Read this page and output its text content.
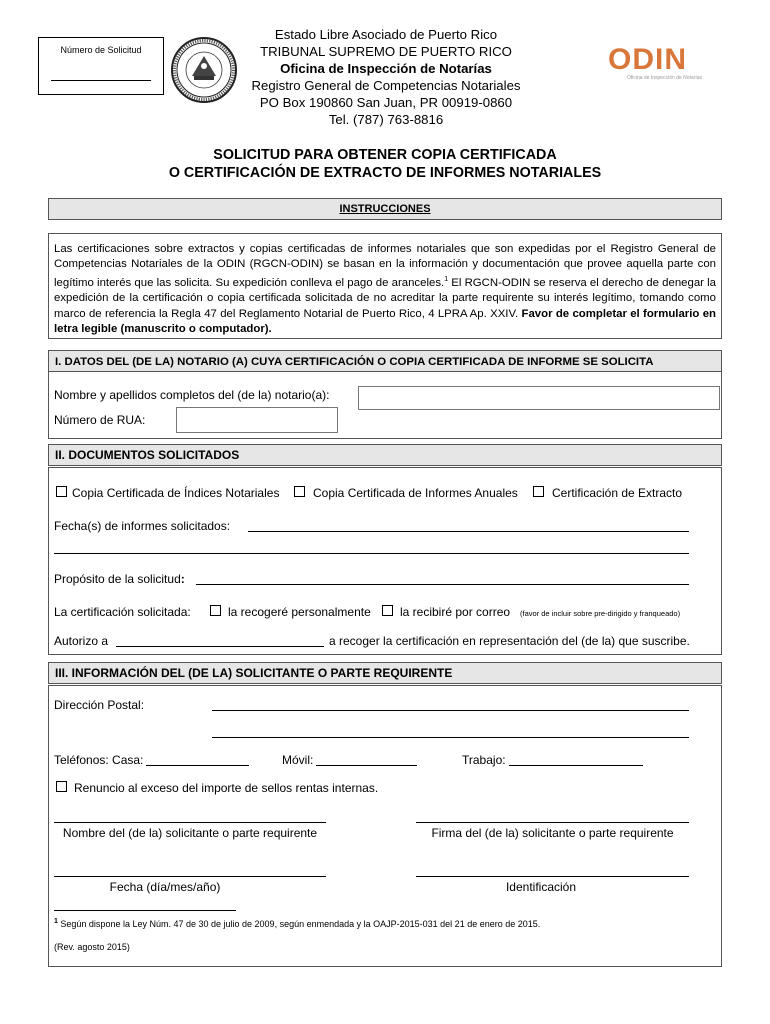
Número de Solicitud
Estado Libre Asociado de Puerto Rico
TRIBUNAL SUPREMO DE PUERTO RICO
Oficina de Inspección de Notarías
Registro General de Competencias Notariales
PO Box 190860 San Juan, PR 00919-0860
Tel. (787) 763-8816
ODIN
Oficina de Inspección de Notarías
SOLICITUD PARA OBTENER COPIA CERTIFICADA
O CERTIFICACIÓN DE EXTRACTO DE INFORMES NOTARIALES
INSTRUCCIONES
Las certificaciones sobre extractos y copias certificadas de informes notariales que son expedidas por el Registro General de Competencias Notariales de la ODIN (RGCN-ODIN) se basan en la información y documentación que provee aquella parte con legítimo interés que las solicita. Su expedición conlleva el pago de aranceles.$^1$ El RGCN-ODIN se reserva el derecho de denegar la expedición de la certificación o copia certificada solicitada de no acreditar la parte requirente su interés legítimo, tomando como marco de referencia la Regla 47 del Reglamento Notarial de Puerto Rico, 4 LPRA Ap. XXIV. Favor de completar el formulario en letra legible (manuscrito o computador).
I. DATOS DEL (DE LA) NOTARIO (A) CUYA CERTIFICACIÓN O COPIA CERTIFICADA DE INFORME SE SOLICITA
Nombre y apellidos completos del (de la) notario(a):
Número de RUA:
II. DOCUMENTOS SOLICITADOS
Copia Certificada de Índices Notariales	Copia Certificada de Informes Anuales	Certificación de Extracto
Fecha(s) de informes solicitados:
Propósito de la solicitud:
La certificación solicitada:	la recogeré personalmente la recibiré por correo (favor de incluir sobre pre-dirigido y franqueado)
Autorizo a	a recoger la certificación en representación del (de la) que suscribe.
III. INFORMACIÓN DEL (DE LA) SOLICITANTE O PARTE REQUIRENTE
Dirección Postal:
Teléfonos: Casa:	Móvil:	Trabajo:
Renuncio al exceso del importe de sellos rentas internas.
Nombre del (de la) solicitante o parte requirente	Firma del (de la) solicitante o parte requirente
Fecha (día/mes/año)	Identificación
$^1$ Según dispone la Ley Núm. 47 de 30 de julio de 2009, según enmendada y la OAJP-2015-031 del 21 de enero de 2015.
(Rev. agosto 2015)
